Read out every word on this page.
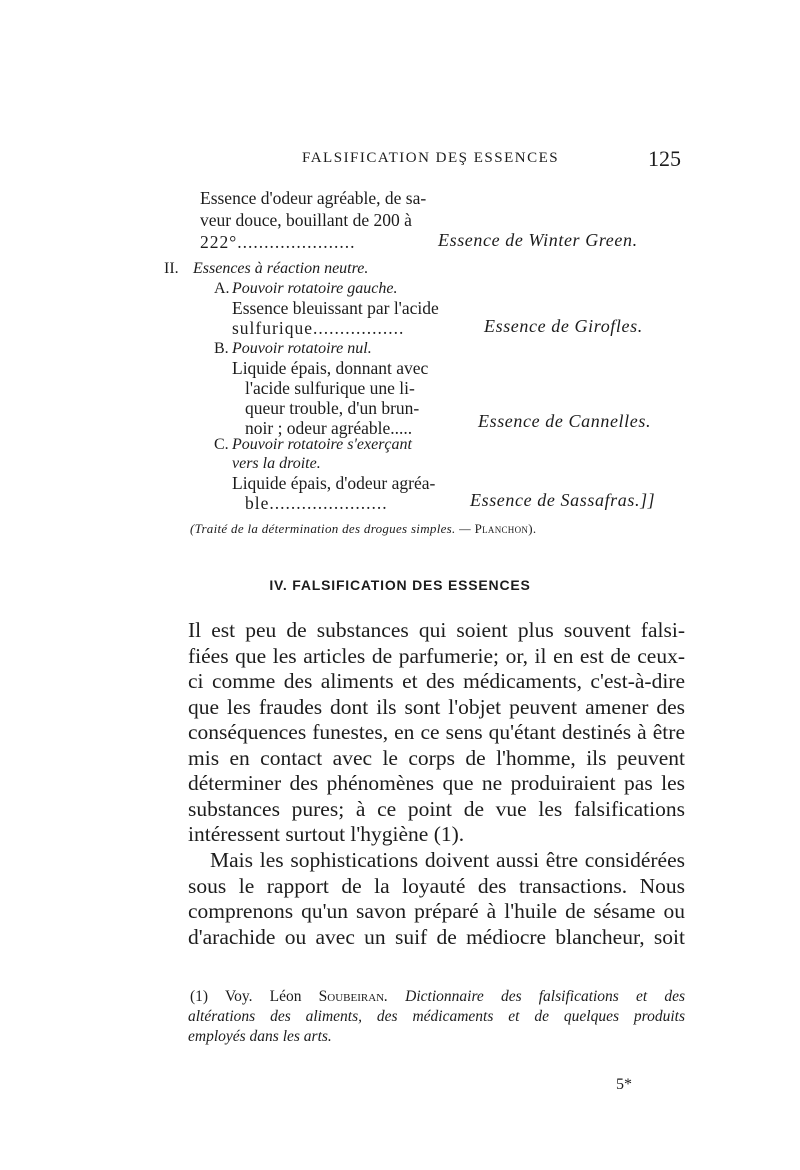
FALSIFICATION DEŞ ESSENCES	125
Essence d'odeur agréable, de sa-
veur douce, bouillant de 200 à
222°......................	Essence de Winter Green.
II. Essences à réaction neutre.
A. Pouvoir rotatoire gauche.
Essence bleuissant par l'acide
sulfurique.................	Essence de Girofles.
B. Pouvoir rotatoire nul.
Liquide épais, donnant avec
l'acide sulfurique une li-
queur trouble, d'un brun-
noir ; odeur agréable.....	Essence de Cannelles.
C. Pouvoir rotatoire s'exerçant
vers la droite.
Liquide épais, d'odeur agréa-
ble......................	Essence de Sassafras.]]
(Traité de la détermination des drogues simples. — Planchon).
IV. FALSIFICATION DES ESSENCES
Il est peu de substances qui soient plus souvent falsi-
fiées que les articles de parfumerie; or, il en est de ceux-
ci comme des aliments et des médicaments, c'est-à-dire
que les fraudes dont ils sont l'objet peuvent amener des
conséquences funestes, en ce sens qu'étant destinés à être
mis en contact avec le corps de l'homme, ils peuvent
déterminer des phénomènes que ne produiraient pas les
substances pures; à ce point de vue les falsifications
intéressent surtout l'hygiène (1).
Mais les sophistications doivent aussi être considérées
sous le rapport de la loyauté des transactions. Nous
comprenons qu'un savon préparé à l'huile de sésame ou
d'arachide ou avec un suif de médiocre blancheur, soit
(1) Voy. Léon Soubeiran. Dictionnaire des falsifications et des
altérations des aliments, des médicaments et de quelques produits
employés dans les arts.
5*
